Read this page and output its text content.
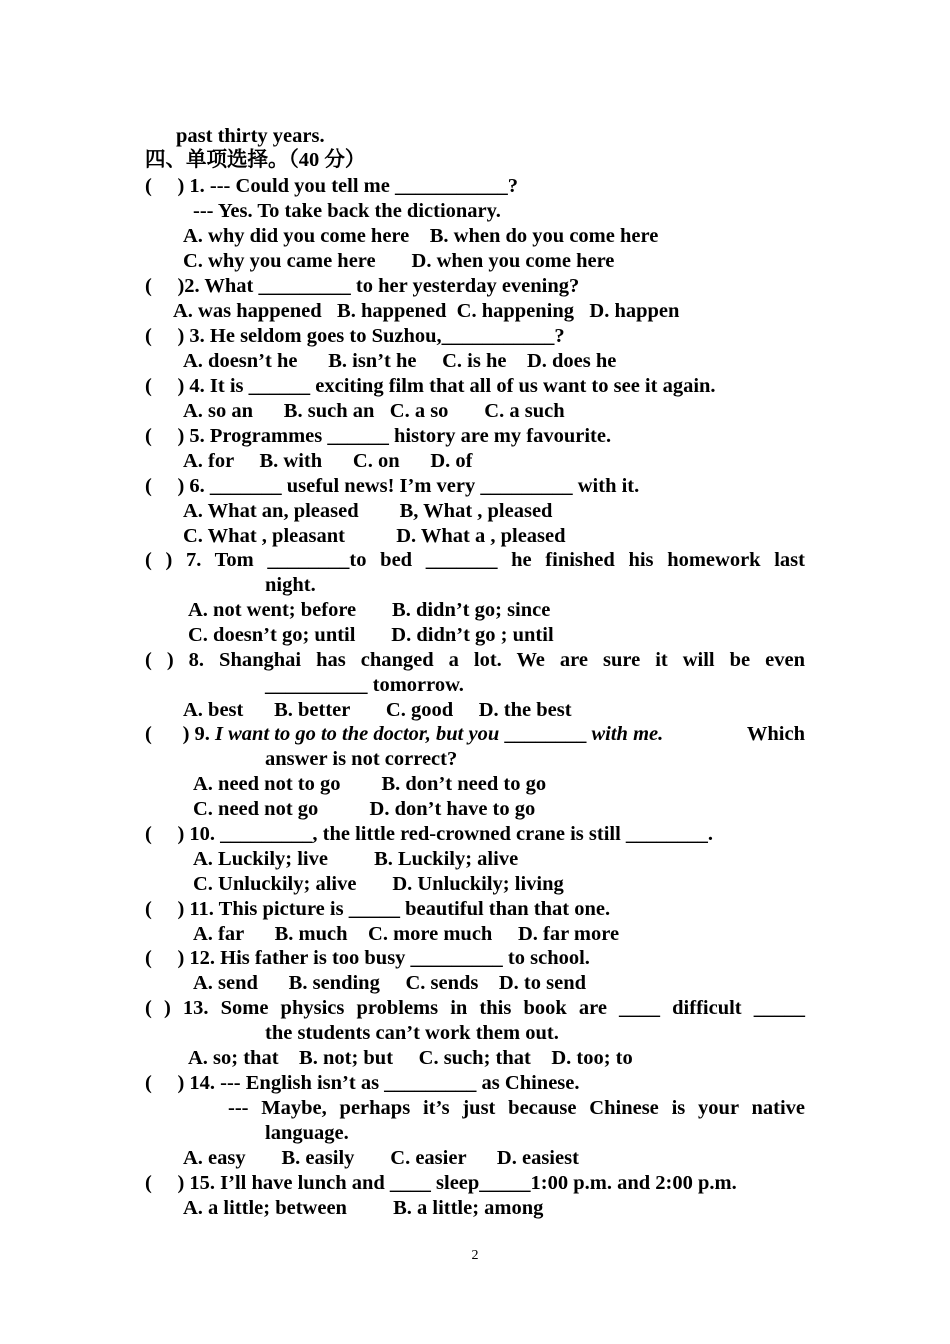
past thirty years.
四、单项选择。（40 分）
(     ) 1. --- Could you tell me ___________?
--- Yes. To take back the dictionary.
A. why did you come here    B. when do you come here
C. why you came here       D. when you come here
(     )2. What _________ to her yesterday evening?
A. was happened   B. happened  C. happening   D. happen
(     ) 3. He seldom goes to Suzhou,___________?
A. doesn’t he      B. isn’t he     C. is he    D. does he
(     ) 4. It is ______ exciting film that all of us want to see it again.
A. so an      B. such an   C. a so       C. a such
(     ) 5. Programmes ______ history are my favourite.
A. for     B. with      C. on      D. of
(     ) 6. _______ useful news! I’m very _________ with it.
A. What an, pleased        B, What , pleased
C. What , pleasant          D. What a , pleased
( ) 7. Tom ________to bed _______ he finished his homework last
night.
A. not went; before       B. didn’t go; since
C. doesn’t go; until       D. didn’t go ; until
( ) 8. Shanghai has changed a lot. We are sure it will be even
__________ tomorrow.
A. best      B. better       C. good     D. the best
(      ) 9. I want to go to the doctor, but you ________ with me.	Which
answer is not correct?
A. need not to go        B. don’t need to go
C. need not go          D. don’t have to go
(     ) 10. _________, the little red-crowned crane is still ________.
A. Luckily; live         B. Luckily; alive
C. Unluckily; alive       D. Unluckily; living
(     ) 11. This picture is _____ beautiful than that one.
A. far      B. much    C. more much     D. far more
(     ) 12. His father is too busy _________ to school.
A. send      B. sending     C. sends    D. to send
( ) 13. Some physics problems in this book are ____ difficult _____
the students can’t work them out.
A. so; that    B. not; but     C. such; that    D. too; to
(     ) 14. --- English isn’t as _________ as Chinese.
--- Maybe, perhaps it’s just because Chinese is your native
language.
A. easy       B. easily       C. easier      D. easiest
(     ) 15. I’ll have lunch and ____ sleep_____1:00 p.m. and 2:00 p.m.
A. a little; between         B. a little; among
2
